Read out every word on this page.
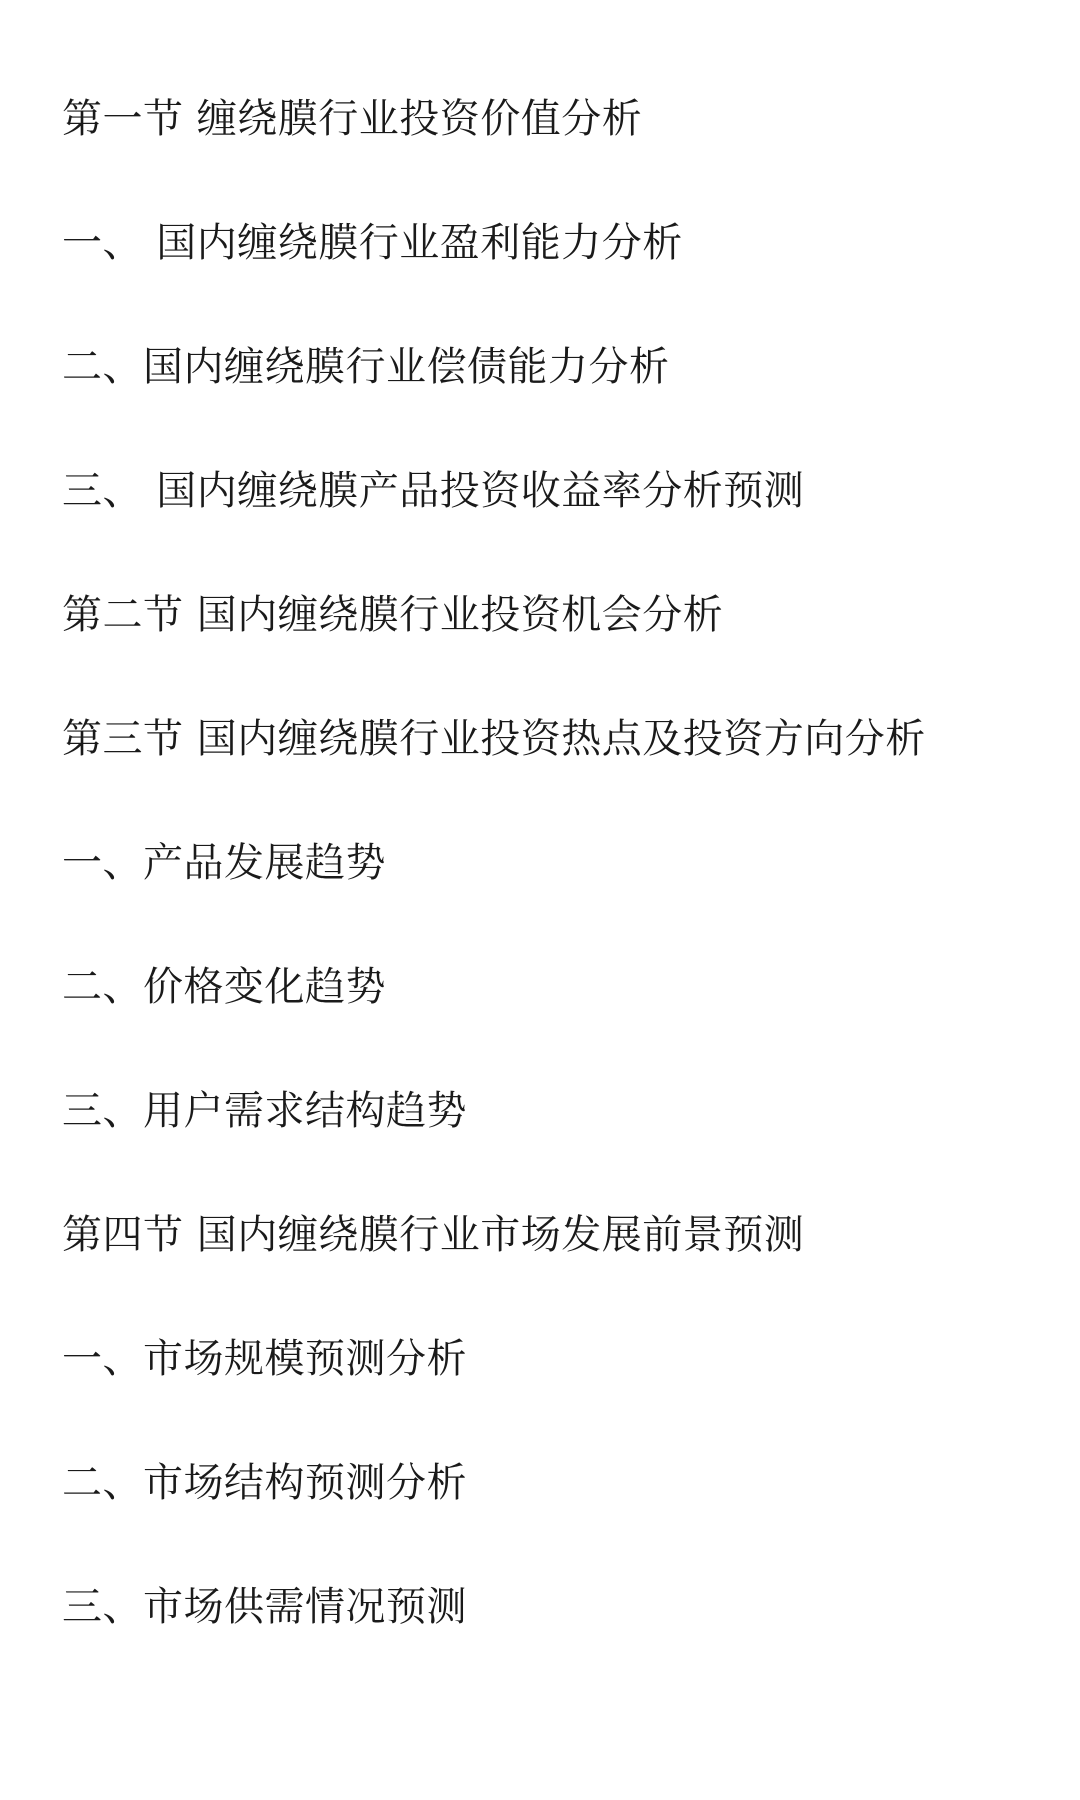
第一节 缠绕膜行业投资价值分析
一、 国内缠绕膜行业盈利能力分析
二、国内缠绕膜行业偿债能力分析
三、 国内缠绕膜产品投资收益率分析预测
第二节 国内缠绕膜行业投资机会分析
第三节 国内缠绕膜行业投资热点及投资方向分析
一、产品发展趋势
二、价格变化趋势
三、用户需求结构趋势
第四节 国内缠绕膜行业市场发展前景预测
一、市场规模预测分析
二、市场结构预测分析
三、市场供需情况预测
